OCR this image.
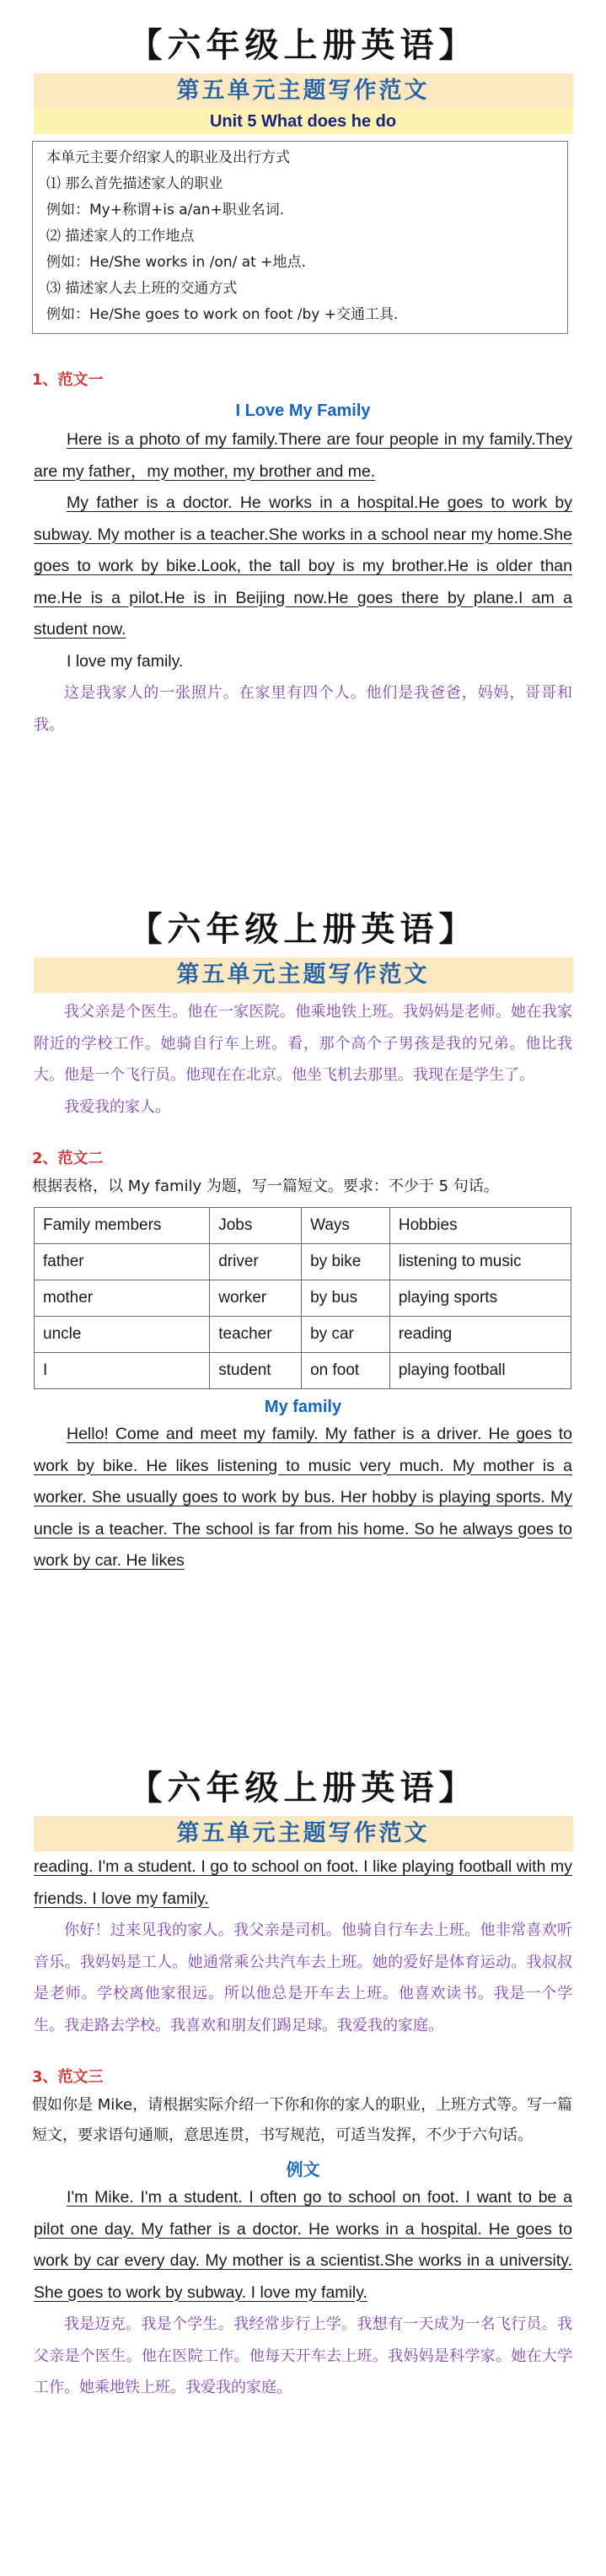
【六年级上册英语】
第五单元主题写作范文
Unit 5 What does he do
本单元主要介绍家人的职业及出行方式
⑴ 那么首先描述家人的职业
例如：My+称谓+is a/an+职业名词.
⑵ 描述家人的工作地点
例如：He/She works in /on/ at +地点.
⑶ 描述家人去上班的交通方式
例如：He/She goes to work on foot /by +交通工具.
1、范文一
I Love My Family
Here is a photo of my family.There are four people in my family.They are my father，my mother, my brother and me.
My father is a doctor. He works in a hospital.He goes to work by subway. My mother is a teacher.She works in a school near my home.She goes to work by bike.Look, the tall boy is my brother.He is older than me.He is a pilot.He is in Beijing now.He goes there by plane.I am a student now.
I love my family.
这是我家人的一张照片。在家里有四个人。他们是我爸爸，妈妈，哥哥和我。
【六年级上册英语】
第五单元主题写作范文
我父亲是个医生。他在一家医院。他乘地铁上班。我妈妈是老师。她在我家附近的学校工作。她骑自行车上班。看，那个高个子男孩是我的兄弟。他比我大。他是一个飞行员。他现在在北京。他坐飞机去那里。我现在是学生了。
我爱我的家人。
2、范文二
根据表格，以 My family 为题，写一篇短文。要求：不少于 5 句话。
Family members	Jobs	Ways	Hobbies
father	driver	by bike	listening to music
mother	worker	by bus	playing sports
uncle	teacher	by car	reading
I	student	on foot	playing football
My family
Hello! Come and meet my family. My father is a driver. He goes to work by bike. He likes listening to music very much. My mother is a worker. She usually goes to work by bus. Her hobby is playing sports. My uncle is a teacher. The school is far from his home. So he always goes to work by car. He likes
【六年级上册英语】
第五单元主题写作范文
reading. I'm a student. I go to school on foot. I like playing football with my friends. I love my family.
你好！过来见我的家人。我父亲是司机。他骑自行车去上班。他非常喜欢听音乐。我妈妈是工人。她通常乘公共汽车去上班。她的爱好是体育运动。我叔叔是老师。学校离他家很远。所以他总是开车去上班。他喜欢读书。我是一个学生。我走路去学校。我喜欢和朋友们踢足球。我爱我的家庭。
3、范文三
假如你是 Mike，请根据实际介绍一下你和你的家人的职业，上班方式等。写一篇短文，要求语句通顺，意思连贯，书写规范，可适当发挥，不少于六句话。
例文
I'm Mike. I'm a student. I often go to school on foot. I want to be a pilot one day. My father is a doctor. He works in a hospital. He goes to work by car every day. My mother is a scientist.She works in a university. She goes to work by subway. I love my family.
我是迈克。我是个学生。我经常步行上学。我想有一天成为一名飞行员。我父亲是个医生。他在医院工作。他每天开车去上班。我妈妈是科学家。她在大学工作。她乘地铁上班。我爱我的家庭。
